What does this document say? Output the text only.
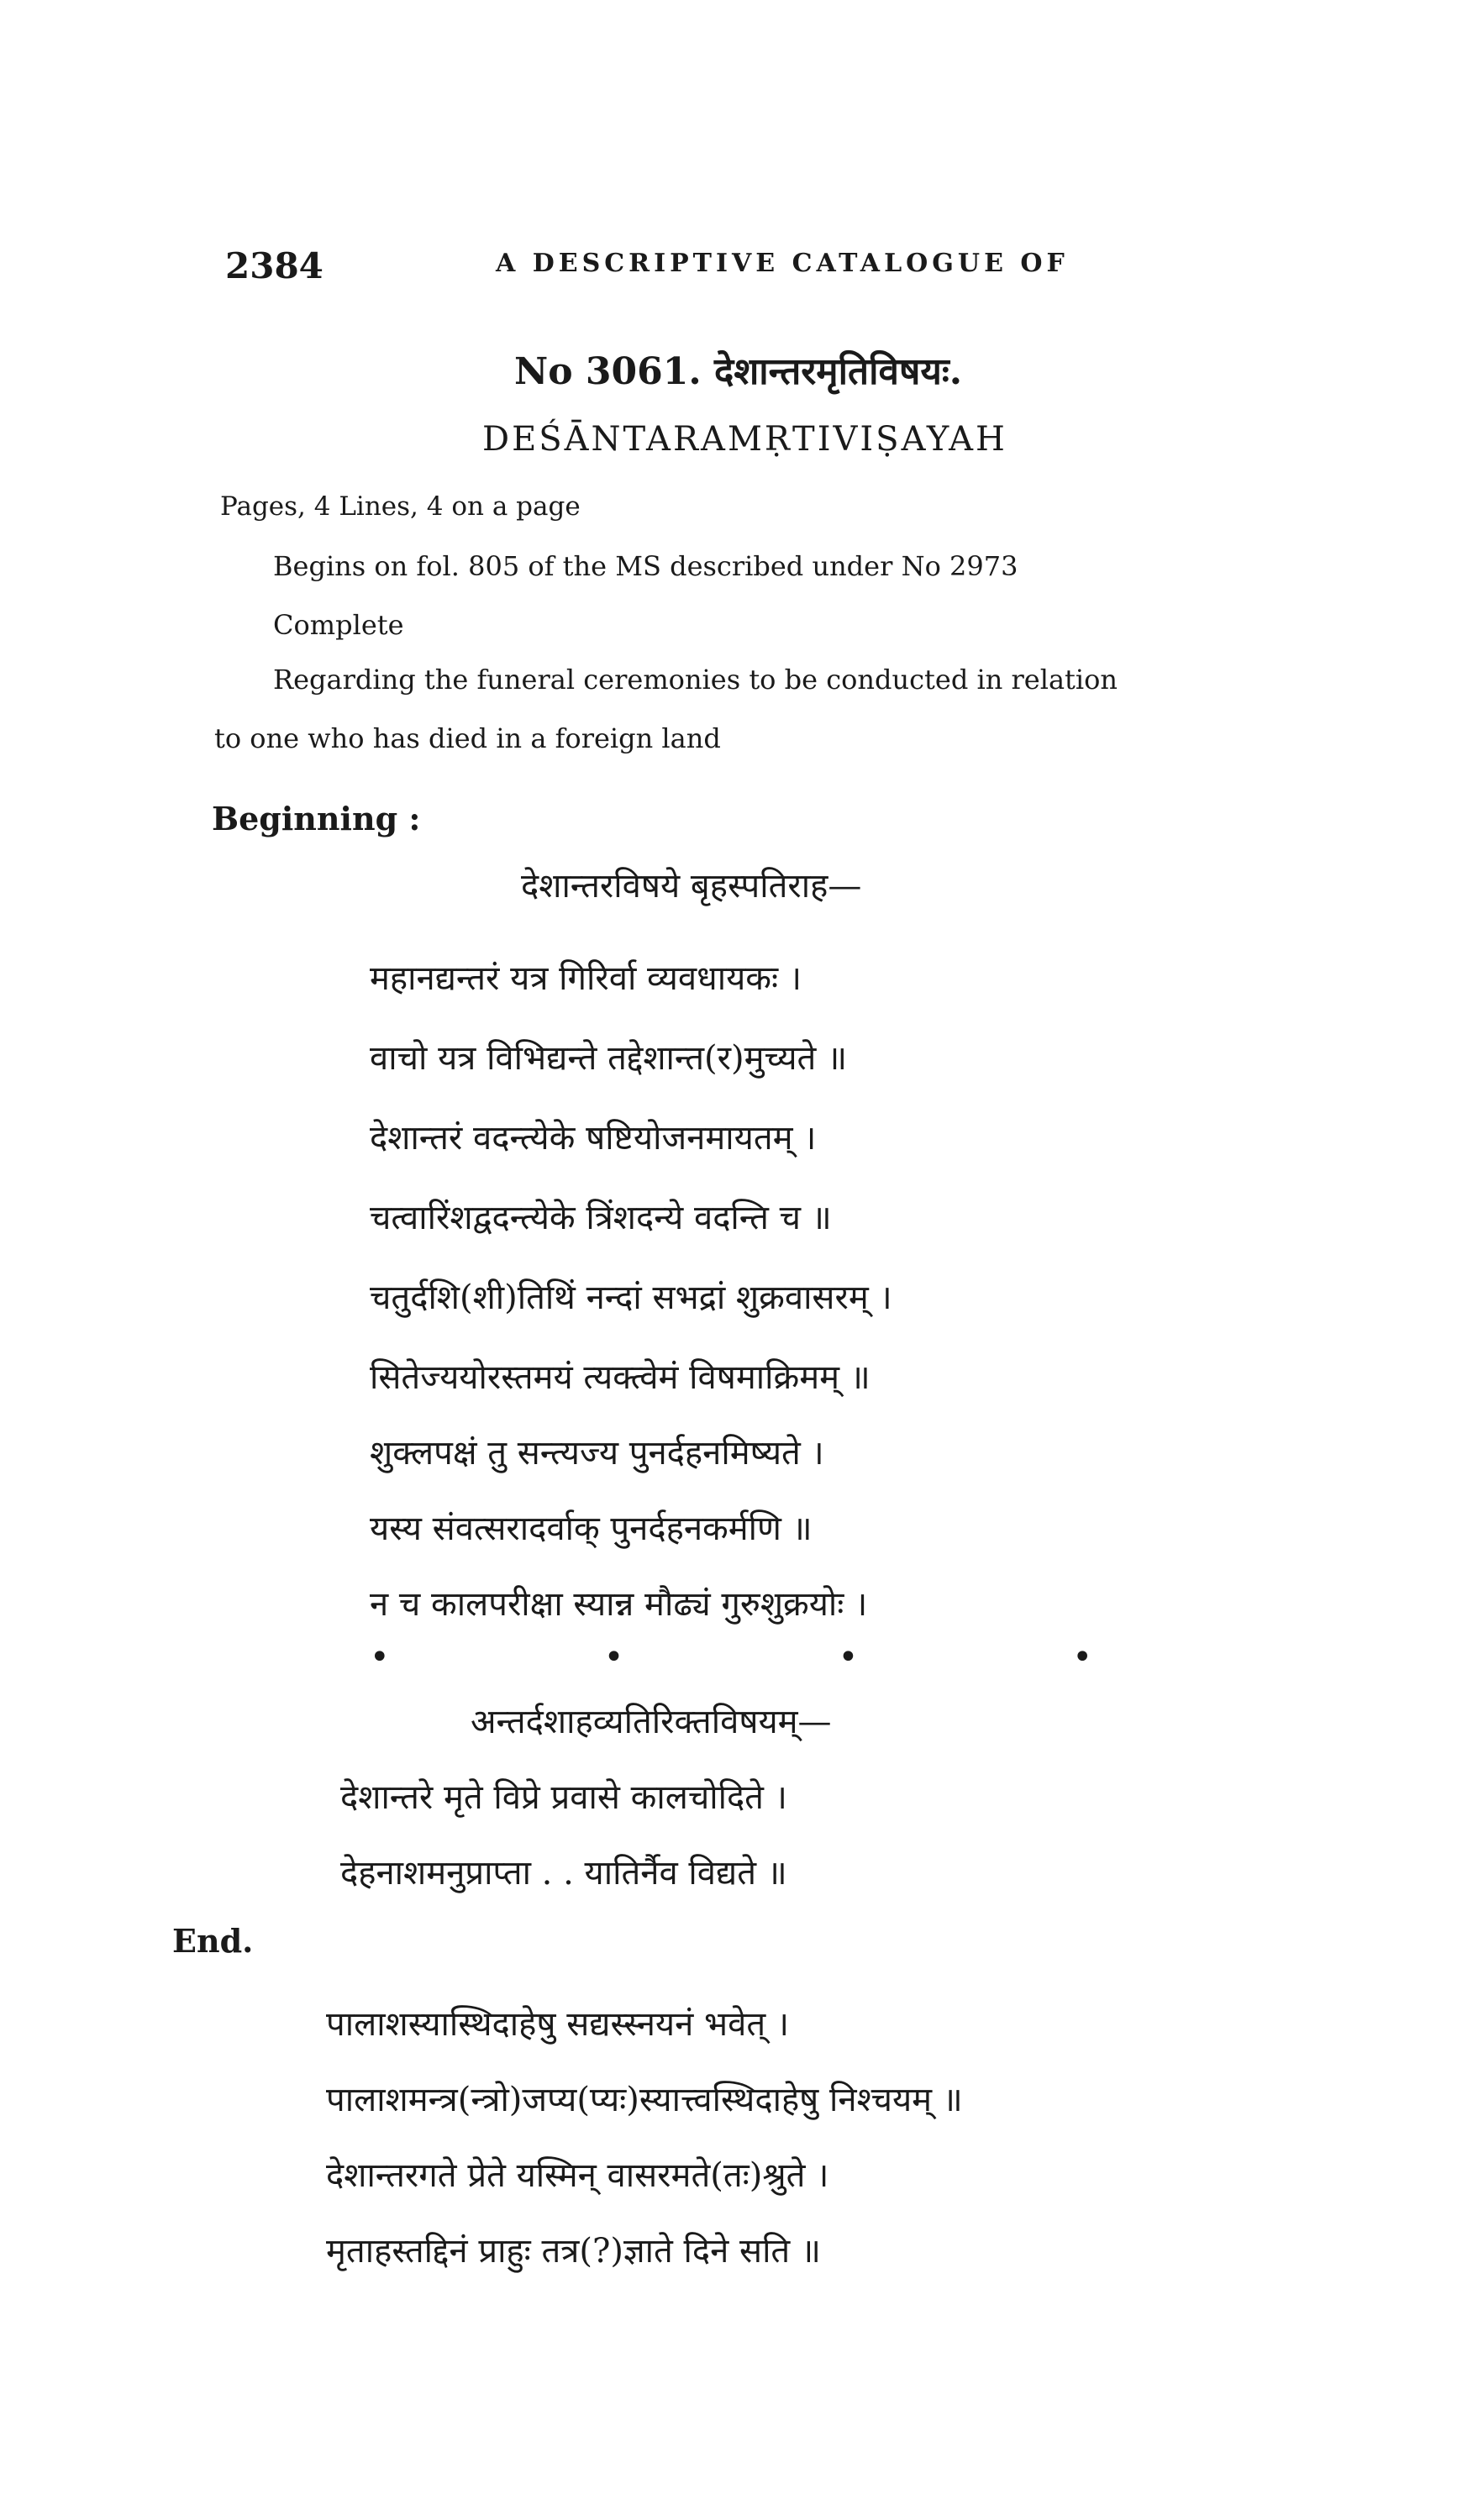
2384	A DESCRIPTIVE CATALOGUE OF
No 3061. देशान्तरमृतिविषयः.
DEŚĀNTARAMṚTIVIṢAYAH
Pages, 4 Lines, 4 on a page
Begins on fol. 805 of the MS described under No 2973
Complete
Regarding the funeral ceremonies to be conducted in relation
to one who has died in a foreign land
Beginning :
देशान्तरविषये बृहस्पतिराह—
महानद्यन्तरं यत्र गिरिर्वा व्यवधायकः ।
वाचो यत्र विभिद्यन्ते तद्देशान्त(र)मुच्यते ॥
देशान्तरं वदन्त्येके षष्टियोजनमायतम् ।
चत्वारिंशद्वदन्त्येके त्रिंशदन्ये वदन्ति च ॥
चतुर्दशि(शी)तिथिं नन्दां सभद्रां शुक्रवासरम् ।
सितेज्ययोरस्तमयं त्यक्त्वेमं विषमाक्रिमम् ॥
शुक्लपक्षं तु सन्त्यज्य पुनर्दहनमिष्यते ।
यस्य संवत्सरादर्वाक् पुनर्दहनकर्मणि ॥
न च कालपरीक्षा स्यान्न मौढ्यं गुरुशुक्रयोः ।
•	•	•	•
अन्तर्दशाहव्यतिरिक्तविषयम्—
देशान्तरे मृते विप्रे प्रवासे कालचोदिते ।
देहनाशमनुप्राप्ता . . यातिर्नैव विद्यते ॥
End.
पालाशस्यास्थिदाहेषु सद्यस्स्नयनं भवेत् ।
पालाशमन्त्र(न्त्रो)जप्य(प्यः)स्यात्त्वस्थिदाहेषु निश्चयम् ॥
देशान्तरगते प्रेते यस्मिन् वासरमते(तः)श्रुते ।
मृताहस्तद्दिनं प्राहुः तत्र(?)ज्ञाते दिने सति ॥
